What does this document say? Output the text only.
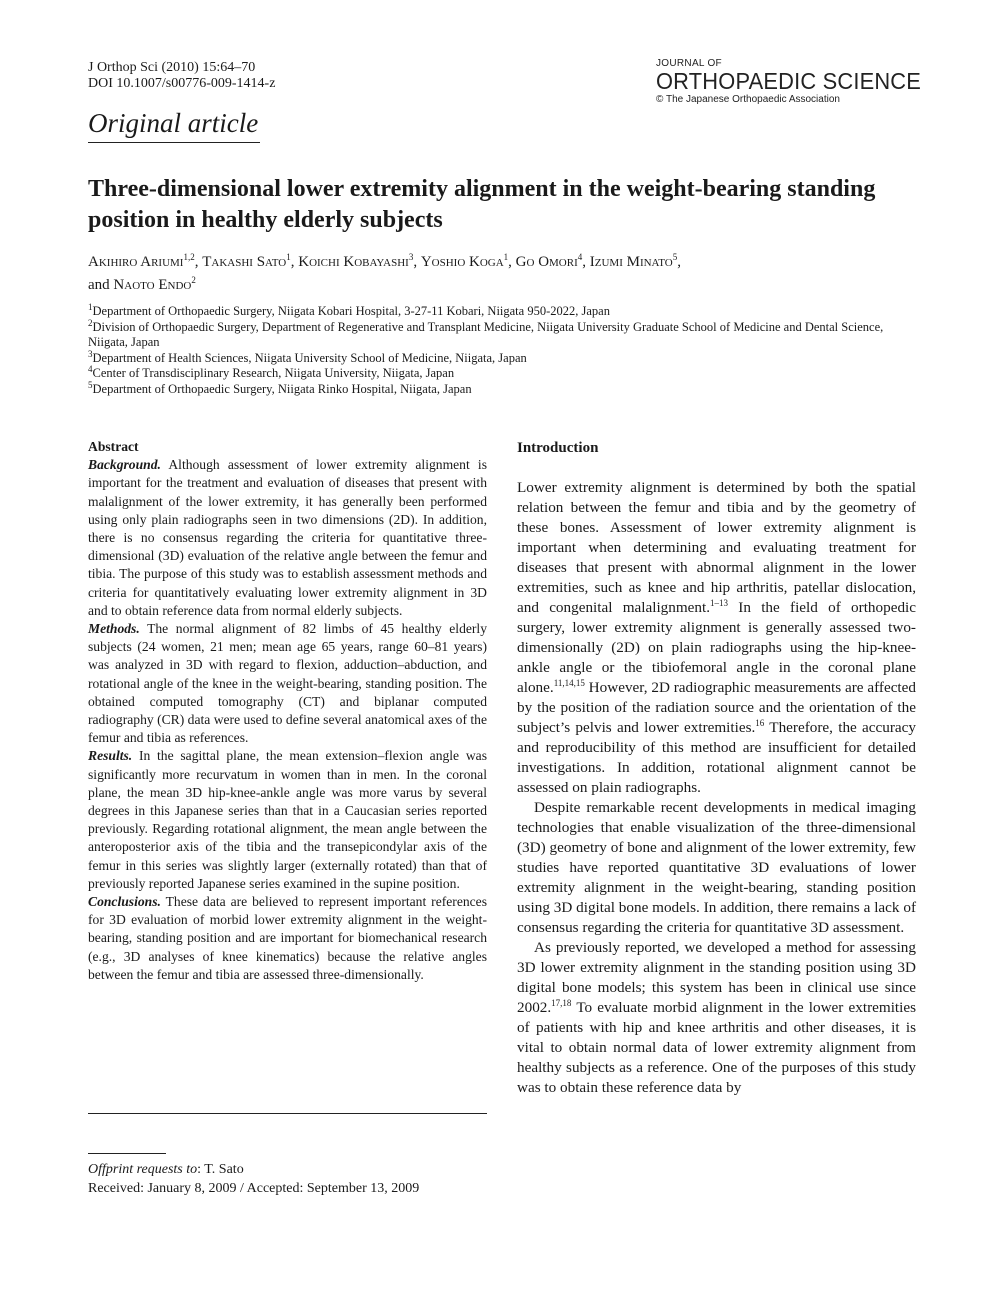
J Orthop Sci (2010) 15:64–70
DOI 10.1007/s00776-009-1414-z
Original article
JOURNAL OF
ORTHOPAEDIC SCIENCE
© The Japanese Orthopaedic Association
Three-dimensional lower extremity alignment in the weight-bearing standing position in healthy elderly subjects
Akihiro Ariumi$^{1,2}$, Takashi Sato$^1$, Koichi Kobayashi$^3$, Yoshio Koga$^1$, Go Omori$^4$, Izumi Minato$^5$,
and Naoto Endo$^2$
$^1$Department of Orthopaedic Surgery, Niigata Kobari Hospital, 3-27-11 Kobari, Niigata 950-2022, Japan
$^2$Division of Orthopaedic Surgery, Department of Regenerative and Transplant Medicine, Niigata University Graduate School of Medicine and Dental Science, Niigata, Japan
$^3$Department of Health Sciences, Niigata University School of Medicine, Niigata, Japan
$^4$Center of Transdisciplinary Research, Niigata University, Niigata, Japan
$^5$Department of Orthopaedic Surgery, Niigata Rinko Hospital, Niigata, Japan
Abstract

Background. Although assessment of lower extremity alignment is important for the treatment and evaluation of diseases that present with malalignment of the lower extremity, it has generally been performed using only plain radiographs seen in two dimensions (2D). In addition, there is no consensus regarding the criteria for quantitative three-dimensional (3D) evaluation of the relative angle between the femur and tibia. The purpose of this study was to establish assessment methods and criteria for quantitatively evaluating lower extremity alignment in 3D and to obtain reference data from normal elderly subjects.

Methods. The normal alignment of 82 limbs of 45 healthy elderly subjects (24 women, 21 men; mean age 65 years, range 60–81 years) was analyzed in 3D with regard to flexion, adduction–abduction, and rotational angle of the knee in the weight-bearing, standing position. The obtained computed tomography (CT) and biplanar computed radiography (CR) data were used to define several anatomical axes of the femur and tibia as references.

Results. In the sagittal plane, the mean extension–flexion angle was significantly more recurvatum in women than in men. In the coronal plane, the mean 3D hip-knee-ankle angle was more varus by several degrees in this Japanese series than that in a Caucasian series reported previously. Regarding rotational alignment, the mean angle between the anteroposterior axis of the tibia and the transepicondylar axis of the femur in this series was slightly larger (externally rotated) than that of previously reported Japanese series examined in the supine position.

Conclusions. These data are believed to represent important references for 3D evaluation of morbid lower extremity alignment in the weight-bearing, standing position and are important for biomechanical research (e.g., 3D analyses of knee kinematics) because the relative angles between the femur and tibia are assessed three-dimensionally.

Offprint requests to: T. Sato
Received: January 8, 2009 / Accepted: September 13, 2009
Introduction

Lower extremity alignment is determined by both the spatial relation between the femur and tibia and by the geometry of these bones. Assessment of lower extremity alignment is important when determining and evaluating treatment for diseases that present with abnormal alignment in the lower extremities, such as knee and hip arthritis, patellar dislocation, and congenital malalignment.$^{1-13}$ In the field of orthopedic surgery, lower extremity alignment is generally assessed two-dimensionally (2D) on plain radiographs using the hip-knee-ankle angle or the tibiofemoral angle in the coronal plane alone.$^{11,14,15}$ However, 2D radiographic measurements are affected by the position of the radiation source and the orientation of the subject’s pelvis and lower extremities.$^{16}$ Therefore, the accuracy and reproducibility of this method are insufficient for detailed investigations. In addition, rotational alignment cannot be assessed on plain radiographs.

Despite remarkable recent developments in medical imaging technologies that enable visualization of the three-dimensional (3D) geometry of bone and alignment of the lower extremity, few studies have reported quantitative 3D evaluations of lower extremity alignment in the weight-bearing, standing position using 3D digital bone models. In addition, there remains a lack of consensus regarding the criteria for quantitative 3D assessment.

As previously reported, we developed a method for assessing 3D lower extremity alignment in the standing position using 3D digital bone models; this system has been in clinical use since 2002.$^{17,18}$ To evaluate morbid alignment in the lower extremities of patients with hip and knee arthritis and other diseases, it is vital to obtain normal data of lower extremity alignment from healthy subjects as a reference. One of the purposes of this study was to obtain these reference data by
